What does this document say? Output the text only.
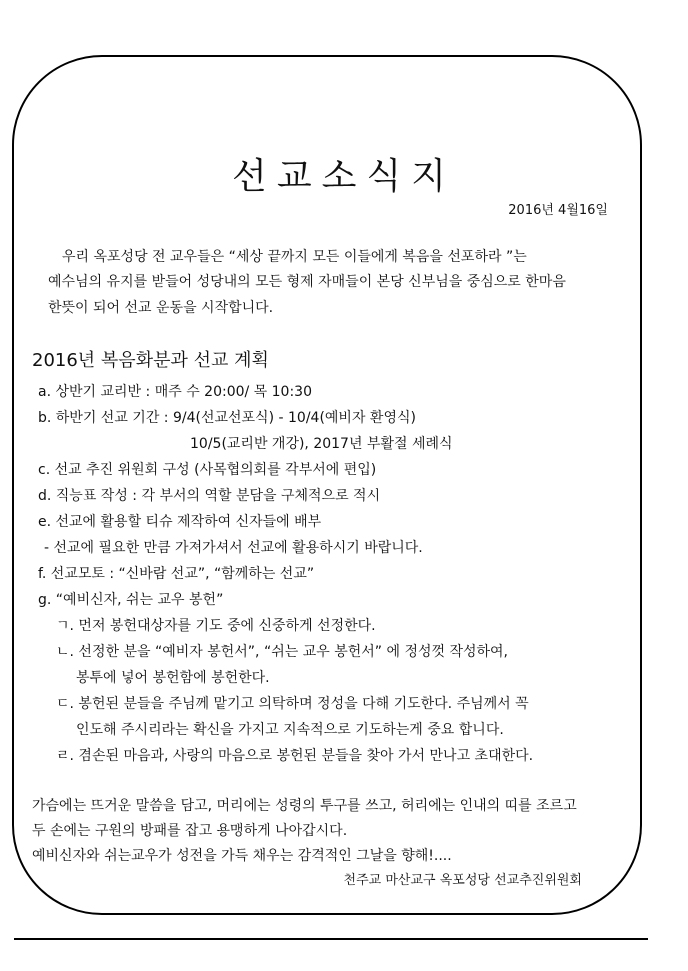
선교소식지
2016년 4월16일
우리 옥포성당 전 교우들은 “세상 끝까지 모든 이들에게 복음을 선포하라 ”는
예수님의 유지를 받들어 성당내의 모든 형제 자매들이 본당 신부님을 중심으로 한마음
한뜻이 되어 선교 운동을 시작합니다.
2016년 복음화분과 선교 계획
a. 상반기 교리반 : 매주 수 20:00/ 목 10:30
b. 하반기 선교 기간 : 9/4(선교선포식) - 10/4(예비자 환영식)
10/5(교리반 개강), 2017년 부활절 세례식
c. 선교 추진 위원회 구성 (사목협의회를 각부서에 편입)
d. 직능표 작성 : 각 부서의 역할 분담을 구체적으로 적시
e. 선교에 활용할 티슈 제작하여 신자들에 배부
- 선교에 필요한 만큼 가져가셔서 선교에 활용하시기 바랍니다.
f. 선교모토 : “신바람 선교”, “함께하는 선교”
g. “예비신자, 쉬는 교우 봉헌”
ㄱ. 먼저 봉헌대상자를 기도 중에 신중하게 선정한다.
ㄴ. 선정한 분을 “예비자 봉헌서”, “쉬는 교우 봉헌서” 에 정성껏 작성하여,
봉투에 넣어 봉헌함에 봉헌한다.
ㄷ. 봉헌된 분들을 주님께 맡기고 의탁하며 정성을 다해 기도한다. 주님께서 꼭
인도해 주시리라는 확신을 가지고 지속적으로 기도하는게 중요 합니다.
ㄹ. 겸손된 마음과, 사랑의 마음으로 봉헌된 분들을 찾아 가서 만나고 초대한다.
가슴에는 뜨거운 말씀을 담고, 머리에는 성령의 투구를 쓰고, 허리에는 인내의 띠를 조르고
두 손에는 구원의 방패를 잡고 용맹하게 나아갑시다.
예비신자와 쉬는교우가 성전을 가득 채우는 감격적인 그날을 향해!....
천주교 마산교구 옥포성당 선교추진위원회
